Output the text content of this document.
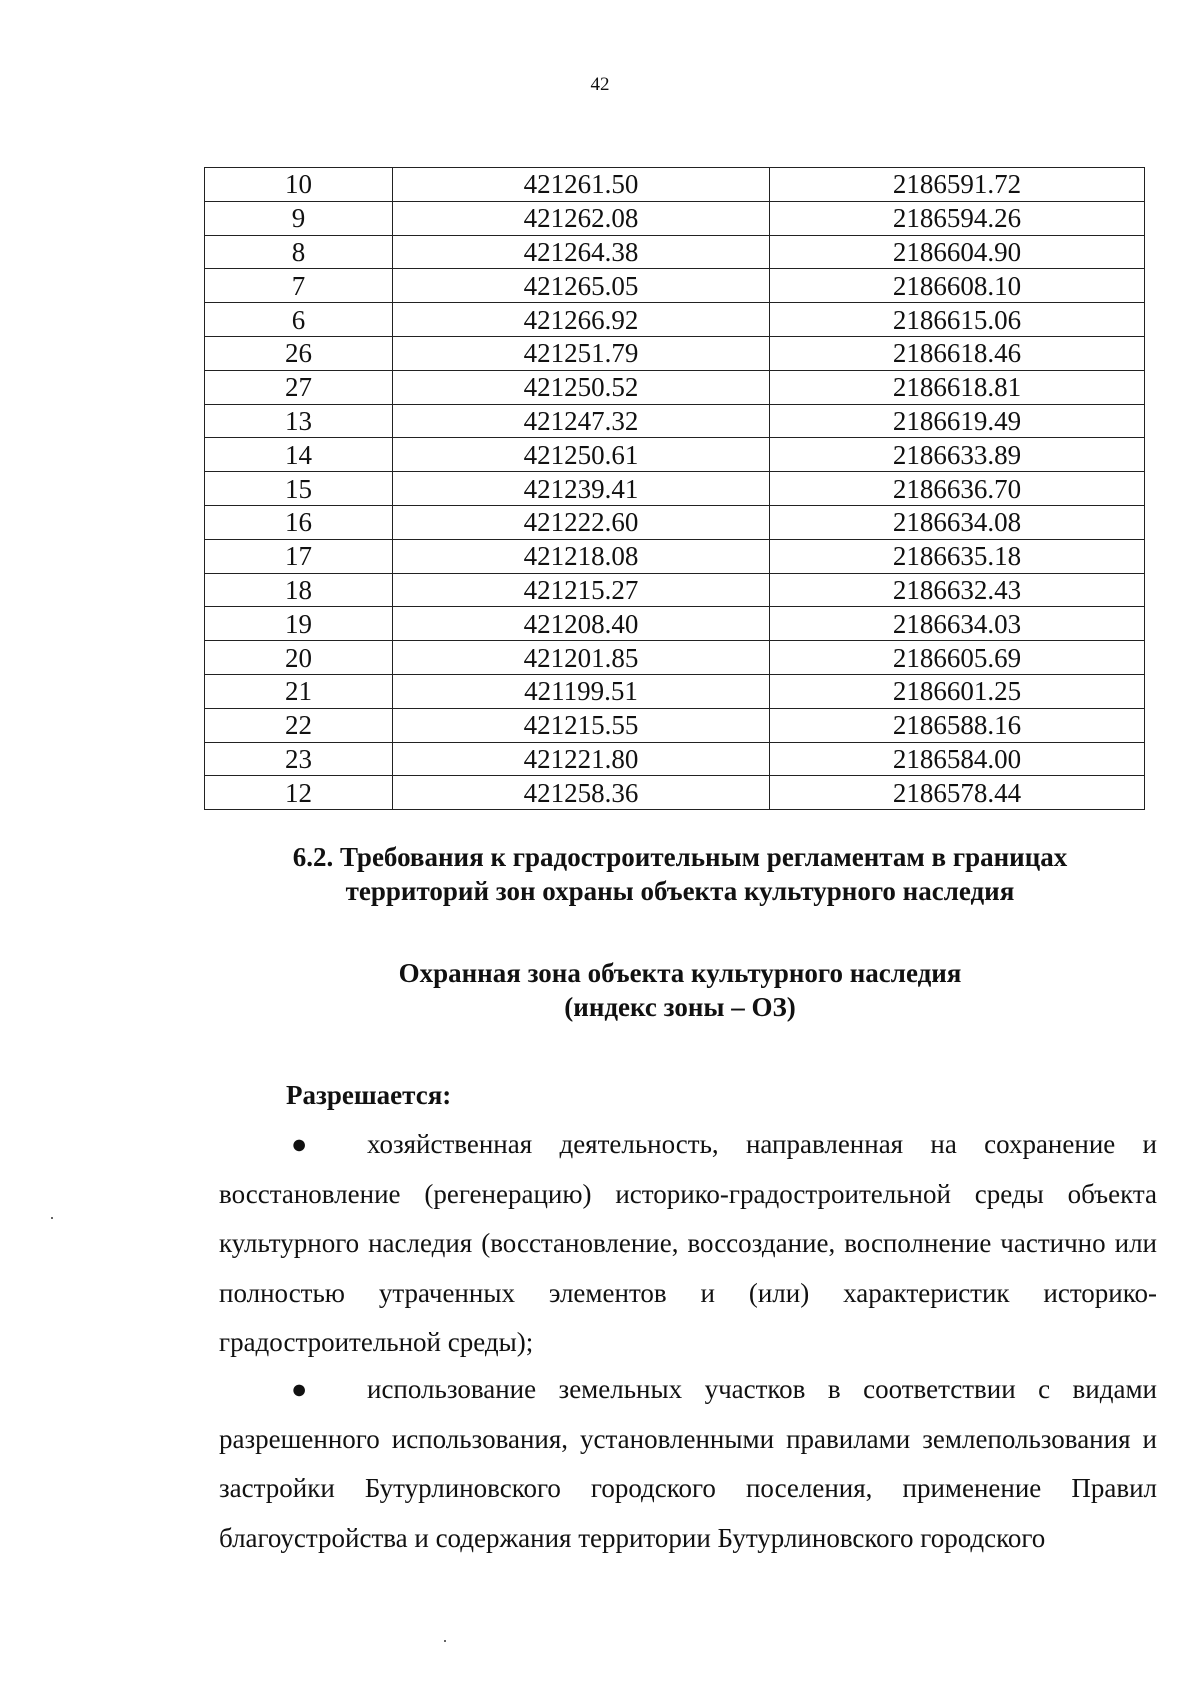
42
10	421261.50	2186591.72
9	421262.08	2186594.26
8	421264.38	2186604.90
7	421265.05	2186608.10
6	421266.92	2186615.06
26	421251.79	2186618.46
27	421250.52	2186618.81
13	421247.32	2186619.49
14	421250.61	2186633.89
15	421239.41	2186636.70
16	421222.60	2186634.08
17	421218.08	2186635.18
18	421215.27	2186632.43
19	421208.40	2186634.03
20	421201.85	2186605.69
21	421199.51	2186601.25
22	421215.55	2186588.16
23	421221.80	2186584.00
12	421258.36	2186578.44
6.2. Требования к градостроительным регламентам в границах
территорий зон охраны объекта культурного наследия
Охранная зона объекта культурного наследия
(индекс зоны – ОЗ)
Разрешается:
● хозяйственная деятельность, направленная на сохранение и восстановление (регенерацию) историко-градостроительной среды объекта культурного наследия (восстановление, воссоздание, восполнение частично или полностью утраченных элементов и (или) характеристик историко-градостроительной среды);
● использование земельных участков в соответствии с видами разрешенного использования, установленными правилами землепользования и застройки Бутурлиновского городского поселения, применение Правил благоустройства и содержания территории Бутурлиновского городского
